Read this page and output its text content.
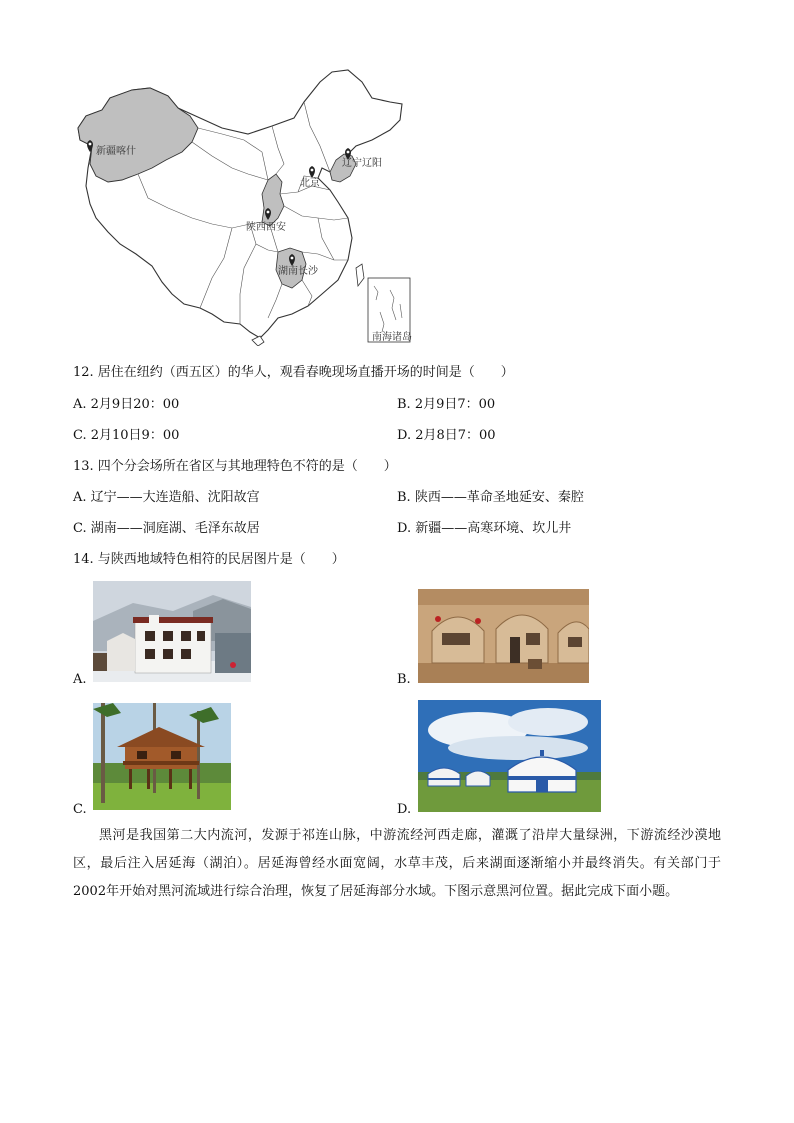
南海诸岛
新疆喀什
北京
辽宁辽阳
陕西西安
湖南长沙
12. 居住在纽约（西五区）的华人，观看春晚现场直播开场的时间是（　　）
A. 2月9日20：00	B. 2月9日7：00
C. 2月10日9：00	D. 2月8日7：00
13. 四个分会场所在省区与其地理特色不符的是（　　）
A. 辽宁——大连造船、沈阳故宫	B. 陕西——革命圣地延安、秦腔
C. 湖南——洞庭湖、毛泽东故居	D. 新疆——高寒环境、坎儿井
14. 与陕西地域特色相符的民居图片是（　　）
A.	B.
C.	D.
黑河是我国第二大内流河，发源于祁连山脉，中游流经河西走廊，灌溉了沿岸大量绿洲，下游流经沙漠地区，最后注入居延海（湖泊）。居延海曾经水面宽阔，水草丰茂，后来湖面逐渐缩小并最终消失。有关部门于2002年开始对黑河流域进行综合治理，恢复了居延海部分水域。下图示意黑河位置。据此完成下面小题。
